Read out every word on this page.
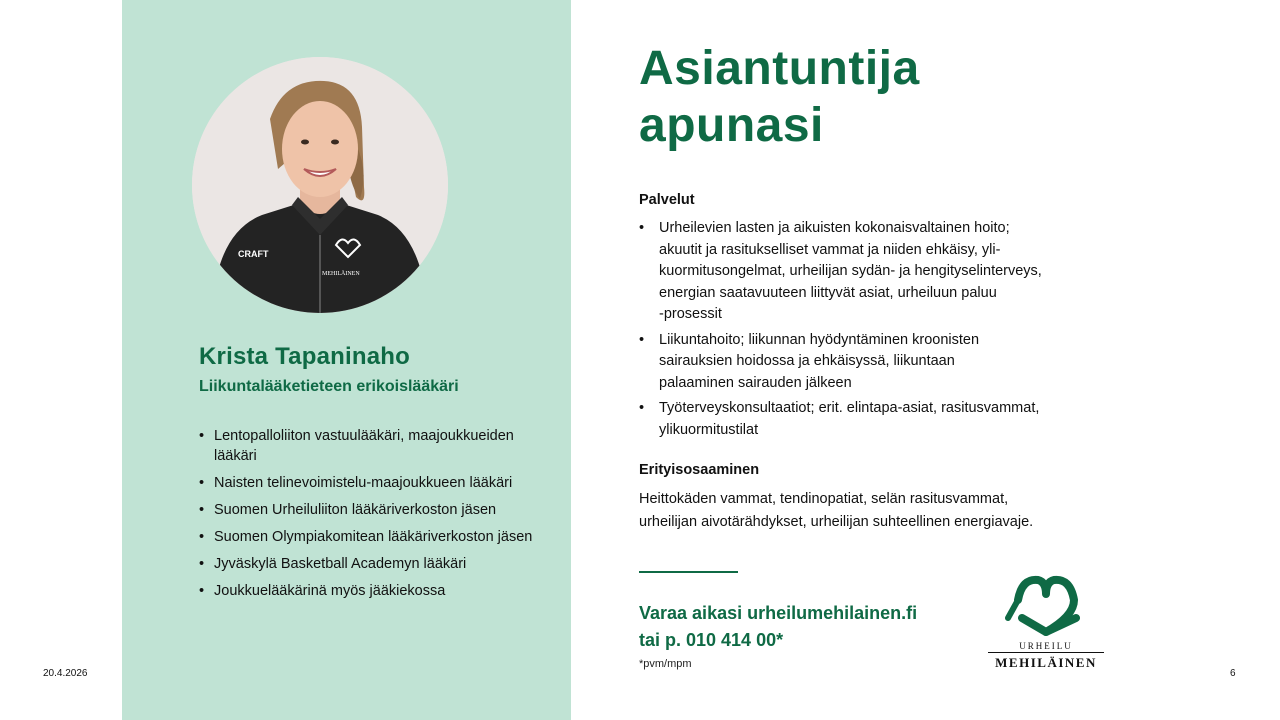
CRAFT
MEHILÄINEN
Krista Tapaninaho
Liikuntalääketieteen erikoislääkäri
• Lentopalloliiton vastuulääkäri, maajoukkueiden lääkäri
• Naisten telinevoimistelu-maajoukkueen lääkäri
• Suomen Urheiluliiton lääkäriverkoston jäsen
• Suomen Olympiakomitean lääkäriverkoston jäsen
• Jyväskylä Basketball Academyn lääkäri
• Joukkuelääkärinä myös jääkiekossa
Asiantuntija apunasi
Palvelut
• Urheilevien lasten ja aikuisten kokonaisvaltainen hoito;
akuutit ja rasitukselliset vammat ja niiden ehkäisy, yli-
kuormitusongelmat, urheilijan sydän- ja hengityselinterveys,
energian saatavuuteen liittyvät asiat, urheiluun paluu
-prosessit
• Liikuntahoito; liikunnan hyödyntäminen kroonisten
sairauksien hoidossa ja ehkäisyssä, liikuntaan
palaaminen sairauden jälkeen
• Työterveyskonsultaatiot; erit. elintapa-asiat, rasitusvammat,
ylikuormitustilat
Erityisosaaminen
Heittokäden vammat, tendinopatiat, selän rasitusvammat,
urheilijan aivotärähdykset, urheilijan suhteellinen energiavaje.
Varaa aikasi urheilumehilainen.fi
tai p. 010 414 00*
*pvm/mpm
URHEILU
MEHILÄINEN
20.4.2026	6
